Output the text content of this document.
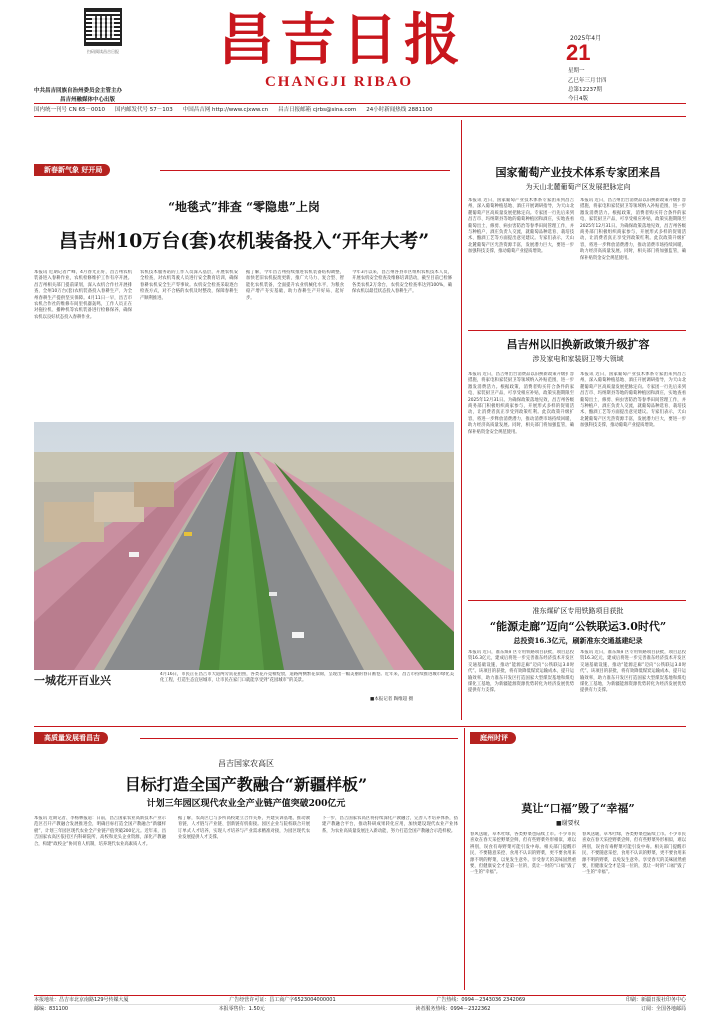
扫码阅读昌吉日报
中共昌吉回族自治州委员会主管主办
昌吉州融媒体中心出版
昌吉日报
CHANGJI RIBAO
2025年4月
21
星期一
乙巳年三月廿四
总第12237期
今日4版
国内统一刊号 CN 65－0010 国内邮发代号 57－103 中国昌吉网 http://www.cjxww.cn 昌吉日报邮箱 cjrbs@sina.com 24小时新闻热线 2881100
新春新气象 好开局
“地毯式”排查 “零隐患”上岗
昌吉州10万台(套)农机装备投入“开年大考”
本报讯 近期记者严峰，4月春光正好，昌吉州农机装备进入春耕作业，农机检修维护工作有序开展。昌吉州相关部门提前谋划，深入农机合作社开展排查，全州10万台(套)农机装备投入春耕生产，为全州春耕生产提供坚实保障。4月11日一早，昌吉市农机合作社的维修车间里机器轰鸣，工作人员正在对拖拉机、播种机等农机装备进行检修保养，确保农机以良好状态投入春耕作业。
农机技术服务站的工作人员深入基层，开展农机安全检查，对农机驾驶人员进行安全教育培训，确保春耕农机安全生产零事故。农机安全检查采取逐台检查方式，对不合格的农机及时整改，保障春耕生产顺利推进。
据了解，今年昌吉州持续推进农机装备结构调整，加快老旧农机报废更新，推广大马力、复合型、智能化农机装备，全面提升农业机械化水平，为粮食稳产增产夯实基础，助力春耕生产开好局、起好步。
今年3月以来，昌吉州各县市区组织农机技术人员，开展农机安全检查及维修培训活动，截至目前已检修各类农机2万余台，农机安全检查率达到100%，确保农机以最佳状态投入春耕生产。
一城花开百业兴	4月16日，市民正在昌吉市大道两旁赏花拍照，各类花卉竞相绽放，道路两侧繁花似锦，呈现出一幅美丽的春日画卷。近年来，昌吉市持续推进城市绿化美化工程，打造生态宜居城市，让市民在家门口就能享受到“花园城市”的美景。
■本报记者 陶维超 摄
国家葡萄产业技术体系专家团来昌
为天山北麓葡萄产区发展把脉定向
本报讯 近日，国家葡萄产业技术体系专家团来到昌吉州，深入葡萄种植基地、酒庄开展调研指导，为天山北麓葡萄产区高质量发展把脉定向。专家团一行先后来到昌吉市、玛纳斯县等地的葡萄种植园和酒庄，实地查看葡萄出土、修剪、病虫害防治等春季田间管理工作，并与种植户、酒庄负责人交流，就葡萄品种选育、栽培技术、酿酒工艺等方面提出意见建议。专家们表示，天山北麓葡萄产区光热资源丰富，发展潜力巨大，要进一步加强科技支撑，推动葡萄产业提质增效。
本报讯 近日，昌吉州出台消费品以旧换新政策升级扩容措施，将家电和家装厨卫等领域纳入补贴范围，进一步激发消费活力。根据政策，消费者购买符合条件的家电、家装厨卫产品，可享受相应补贴，政策实施期限至2025年12月31日。为确保政策落地见效，昌吉州各级商务部门积极组织商家参与，开展形式多样的促销活动，让消费者真正享受到政策红利。此次政策升级扩容，将进一步释放消费潜力，推动消费市场持续回暖，助力经济高质量发展。同时，相关部门将加强监管，确保补贴资金安全规范使用。
昌吉州以旧换新政策升级扩容
涉及家电和家装厨卫等大领域
本报讯 近日，昌吉州出台消费品以旧换新政策升级扩容措施，将家电和家装厨卫等领域纳入补贴范围，进一步激发消费活力。根据政策，消费者购买符合条件的家电、家装厨卫产品，可享受相应补贴，政策实施期限至2025年12月31日。为确保政策落地见效，昌吉州各级商务部门积极组织商家参与，开展形式多样的促销活动，让消费者真正享受到政策红利。此次政策升级扩容，将进一步释放消费潜力，推动消费市场持续回暖，助力经济高质量发展。同时，相关部门将加强监管，确保补贴资金安全规范使用。
本报讯 近日，国家葡萄产业技术体系专家团来到昌吉州，深入葡萄种植基地、酒庄开展调研指导，为天山北麓葡萄产区高质量发展把脉定向。专家团一行先后来到昌吉市、玛纳斯县等地的葡萄种植园和酒庄，实地查看葡萄出土、修剪、病虫害防治等春季田间管理工作，并与种植户、酒庄负责人交流，就葡萄品种选育、栽培技术、酿酒工艺等方面提出意见建议。专家们表示，天山北麓葡萄产区光热资源丰富，发展潜力巨大，要进一步加强科技支撑，推动葡萄产业提质增效。
准东煤矿区专用铁路项目获批
“能源走廊”迈向“公铁联运3.0时代”
总投资16.3亿元，刷新准东交通基建纪录
本报讯 近日，准东煤矿区专用铁路项目获批，项目总投资16.3亿元，建成后将进一步完善准东经济技术开发区交通基础设施，推动“能源走廊”迈向“公铁联运3.0时代”。该项目的获批，将有效降低煤炭运输成本，提升运输效率，助力准东开发区打造国家大型煤炭基地和煤电煤化工基地，为新疆能源资源优势转化为经济发展优势提供有力支撑。
本报讯 近日，准东煤矿区专用铁路项目获批，项目总投资16.3亿元，建成后将进一步完善准东经济技术开发区交通基础设施，推动“能源走廊”迈向“公铁联运3.0时代”。该项目的获批，将有效降低煤炭运输成本，提升运输效率，助力准东开发区打造国家大型煤炭基地和煤电煤化工基地，为新疆能源资源优势转化为经济发展优势提供有力支撑。
高质量发展看昌吉
昌吉国家农高区
目标打造全国产教融合“新疆样板”
计划三年园区现代农业全产业链产值突破200亿元
本报讯 近期记者、李杨林报道：日前，昌吉国家农业高新技术产业示范区召开产教融合发展推进会，明确目标打造全国产教融合“新疆样板”，计划三年园区现代农业全产业链产值突破200亿元。近年来，昌吉国家农高区依托区内科研院所、高校和龙头企业资源，深化产教融合，构建“政校企”协同育人机制，培养现代农业高素质人才。
据了解，农高区已与多所高校建立合作关系，共建实训基地，推动教育链、人才链与产业链、创新链有机衔接。园区企业与院校联合开展订单式人才培养，实现人才培养与产业需求精准对接，为园区现代农业发展提供人才支撑。
下一步，昌吉国家农高区将持续深化产教融合，完善人才培养体系，搭建产教融合平台，推动科研成果转化应用，加快建设现代农业产业体系，为农业高质量发展注入新动能，努力打造全国产教融合示范样板。
庭州时评
莫让“口福”毁了“幸福”
■谢要权
春风送暖，草木吐绿，各类野菜也陆续上市。不少市民喜欢在春天采挖野菜尝鲜，但有些野菜外形相似，难以辨别，误食有毒野菜可能引发中毒。相关部门提醒市民，不要随意采挖、食用不认识的野菜，更不要食用来源不明的野菜，以免发生意外。享受春天的美味固然重要，但健康安全才是第一位的，莫让一时的“口福”毁了一生的“幸福”。
春风送暖，草木吐绿，各类野菜也陆续上市。不少市民喜欢在春天采挖野菜尝鲜，但有些野菜外形相似，难以辨别，误食有毒野菜可能引发中毒。相关部门提醒市民，不要随意采挖、食用不认识的野菜，更不要食用来源不明的野菜，以免发生意外。享受春天的美味固然重要，但健康安全才是第一位的，莫让一时的“口福”毁了一生的“幸福”。
本报地址：昌吉市北京南路129号传媒大厦	广告经营许可证：昌工商广字6523004000001	广告热线：0994－2343036 2342069	印刷：新疆日报社印务中心
邮编：831100	本报零售价：1.50元	读者服务热线：0994－2322362	订阅：全国各地邮局
